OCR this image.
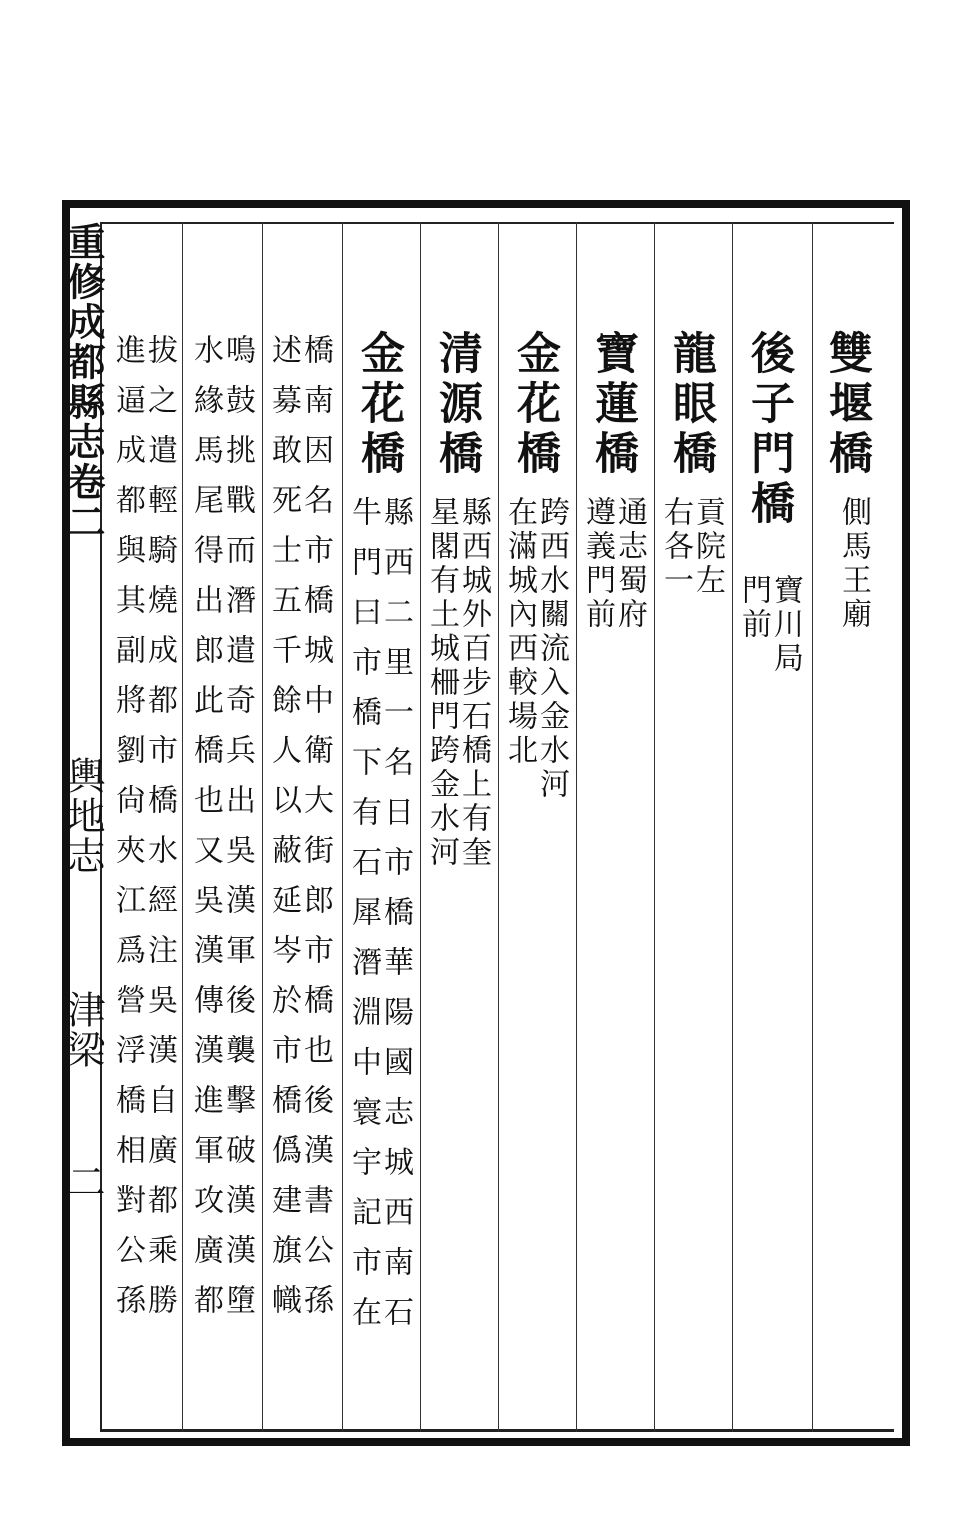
重修成都縣志卷二
輿地志
津梁
二
雙堰橋
側馬王廟
後子門橋
寶川局
門前
龍眼橋
貢院左
右各一
寶蓮橋
通志蜀府
遵義門前
金花橋
跨西水關流入金水河
在滿城內西較場北
清源橋
縣西城外百步石橋上有奎
星閣有土城柵門跨金水河
金花橋
縣西二里一名日市橋華陽國志城西南石
牛門曰市橋下有石犀潛淵中寰宇記市在
橋南因名市橋城中衛大街郎市橋也後漢書公孫
述募敢死士五千餘人以蔽延岑於市橋僞建旗幟
鳴鼓挑戰而潛遣奇兵出吳漢軍後襲擊破漢漢墮
水緣馬尾得出郎此橋也又吳漢傳漢進軍攻廣都
拔之遣輕騎燒成都市橋水經注吳漢自廣都乘勝
進逼成都與其副將劉尙夾江爲營浮橋相對公孫
